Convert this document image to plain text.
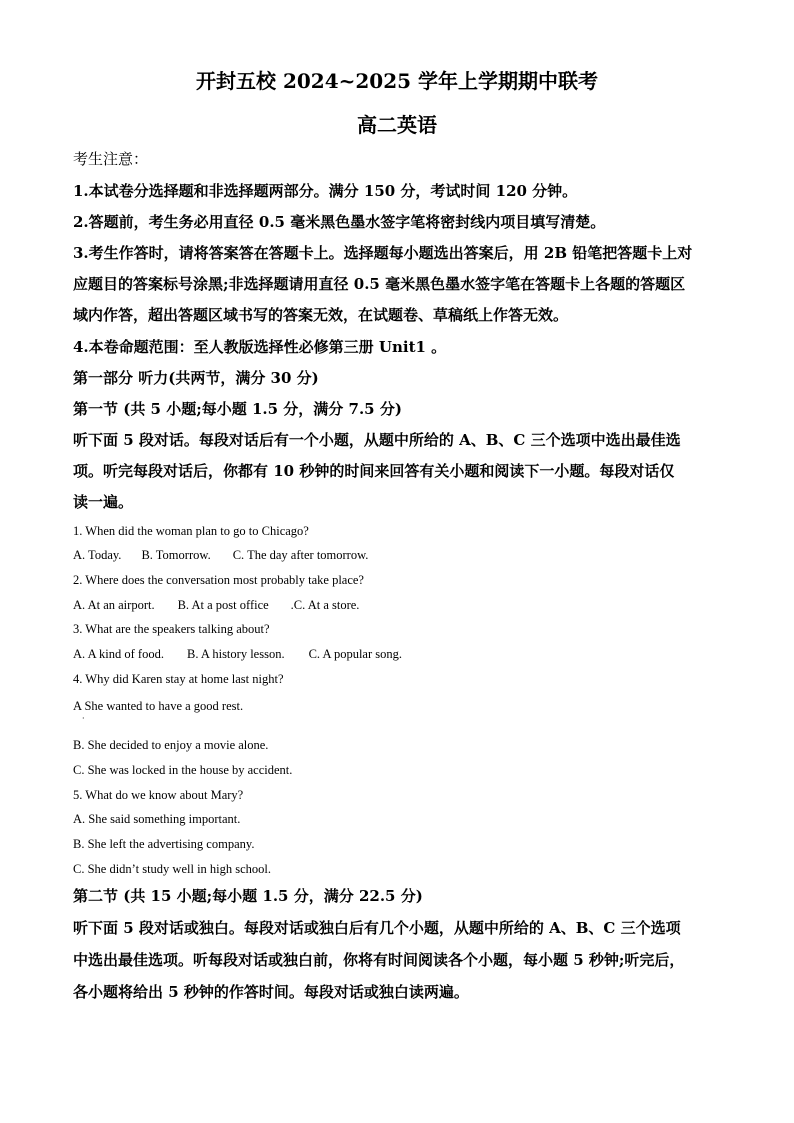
开封五校 2024~2025 学年上学期期中联考
高二英语
考生注意：
1.本试卷分选择题和非选择题两部分。满分 150 分，考试时间 120 分钟。
2.答题前，考生务必用直径 0.5 毫米黑色墨水签字笔将密封线内项目填写清楚。
3.考生作答时，请将答案答在答题卡上。选择题每小题选出答案后，用 2B 铅笔把答题卡上对
应题目的答案标号涂黑;非选择题请用直径 0.5 毫米黑色墨水签字笔在答题卡上各题的答题区
域内作答，超出答题区域书写的答案无效，在试题卷、草稿纸上作答无效。
4.本卷命题范围：至人教版选择性必修第三册 Unit1 。
第一部分 听力(共两节，满分 30 分)
第一节 (共 5 小题;每小题 1.5 分，满分 7.5 分)
听下面 5 段对话。每段对话后有一个小题，从题中所给的 A、B、C 三个选项中选出最佳选
项。听完每段对话后，你都有 10 秒钟的时间来回答有关小题和阅读下一小题。每段对话仅
读一遍。
1. When did the woman plan to go to Chicago?
A. Today. B. Tomorrow. C. The day after tomorrow.
2. Where does the conversation most probably take place?
A. At an airport. B. At a post office .C. At a store.
3. What are the speakers talking about?
A. A kind of food. B. A history lesson. C. A popular song.
4. Why did Karen stay at home last night?
A She wanted to have a good rest.
·
B. She decided to enjoy a movie alone.
C. She was locked in the house by accident.
5. What do we know about Mary?
A. She said something important.
B. She left the advertising company.
C. She didn’t study well in high school.
第二节 (共 15 小题;每小题 1.5 分，满分 22.5 分)
听下面 5 段对话或独白。每段对话或独白后有几个小题，从题中所给的 A、B、C 三个选项
中选出最佳选项。听每段对话或独白前，你将有时间阅读各个小题，每小题 5 秒钟;听完后，
各小题将给出 5 秒钟的作答时间。每段对话或独白读两遍。
